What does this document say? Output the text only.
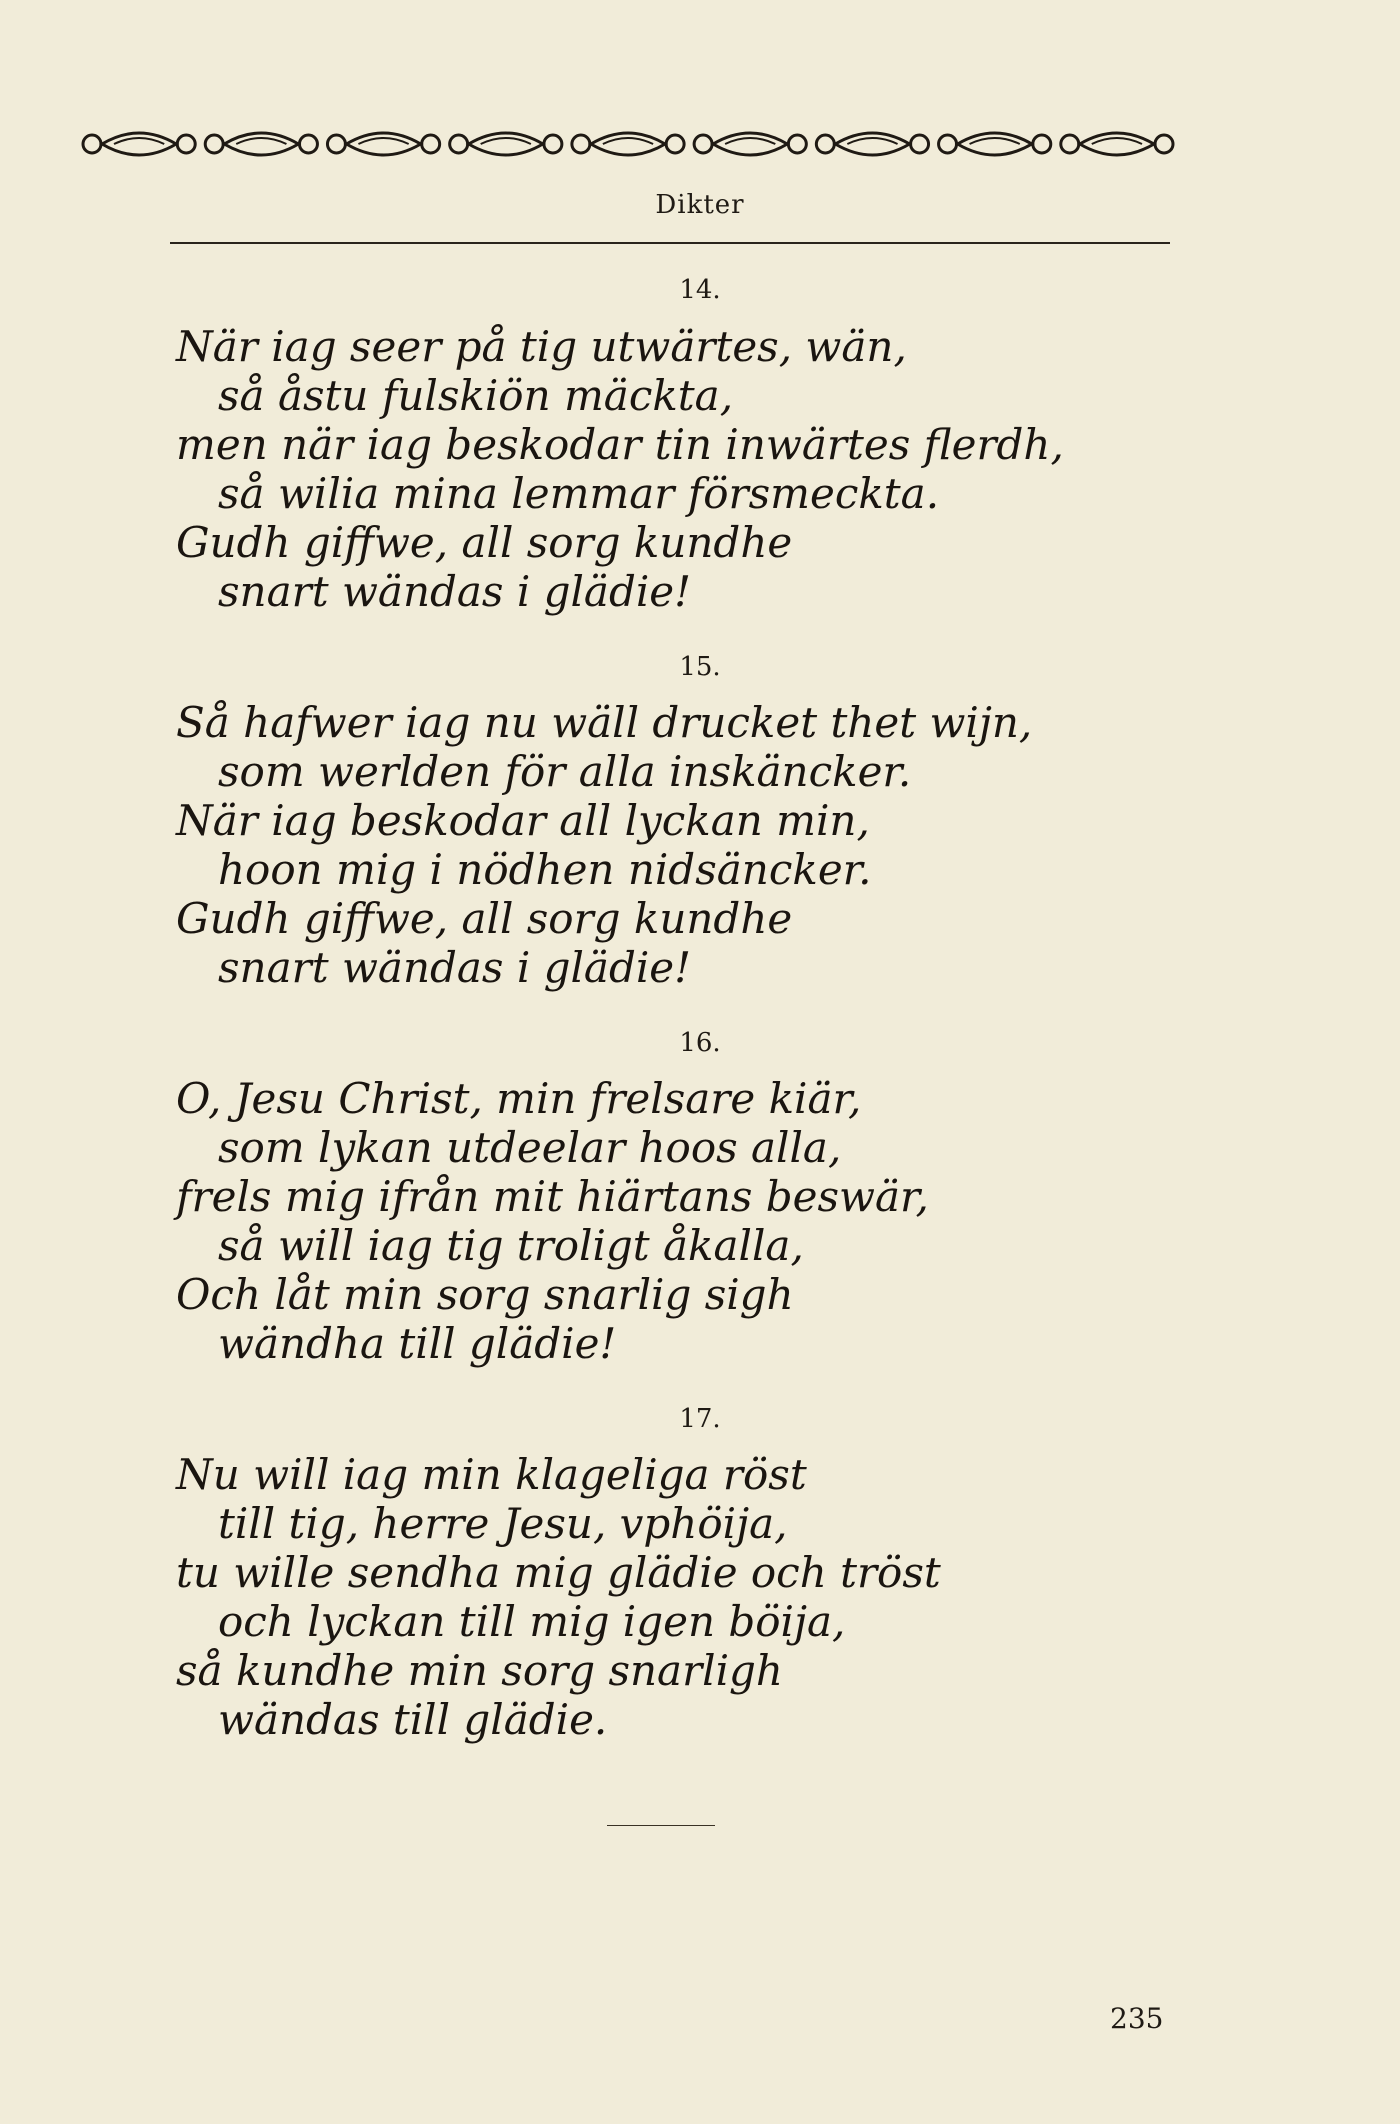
Dikter
14.
När iag seer på tig utwärtes, wän,
så åstu fulskiön mäckta,
men när iag beskodar tin inwärtes flerdh,
så wilia mina lemmar försmeckta.
Gudh giffwe, all sorg kundhe
snart wändas i glädie!
15.
Så hafwer iag nu wäll drucket thet wijn,
som werlden för alla inskäncker.
När iag beskodar all lyckan min,
hoon mig i nödhen nidsäncker.
Gudh giffwe, all sorg kundhe
snart wändas i glädie!
16.
O, Jesu Christ, min frelsare kiär,
som lykan utdeelar hoos alla,
frels mig ifrån mit hiärtans beswär,
så will iag tig troligt åkalla,
Och låt min sorg snarlig sigh
wändha till glädie!
17.
Nu will iag min klageliga röst
till tig, herre Jesu, vphöija,
tu wille sendha mig glädie och tröst
och lyckan till mig igen böija,
så kundhe min sorg snarligh
wändas till glädie.
235
